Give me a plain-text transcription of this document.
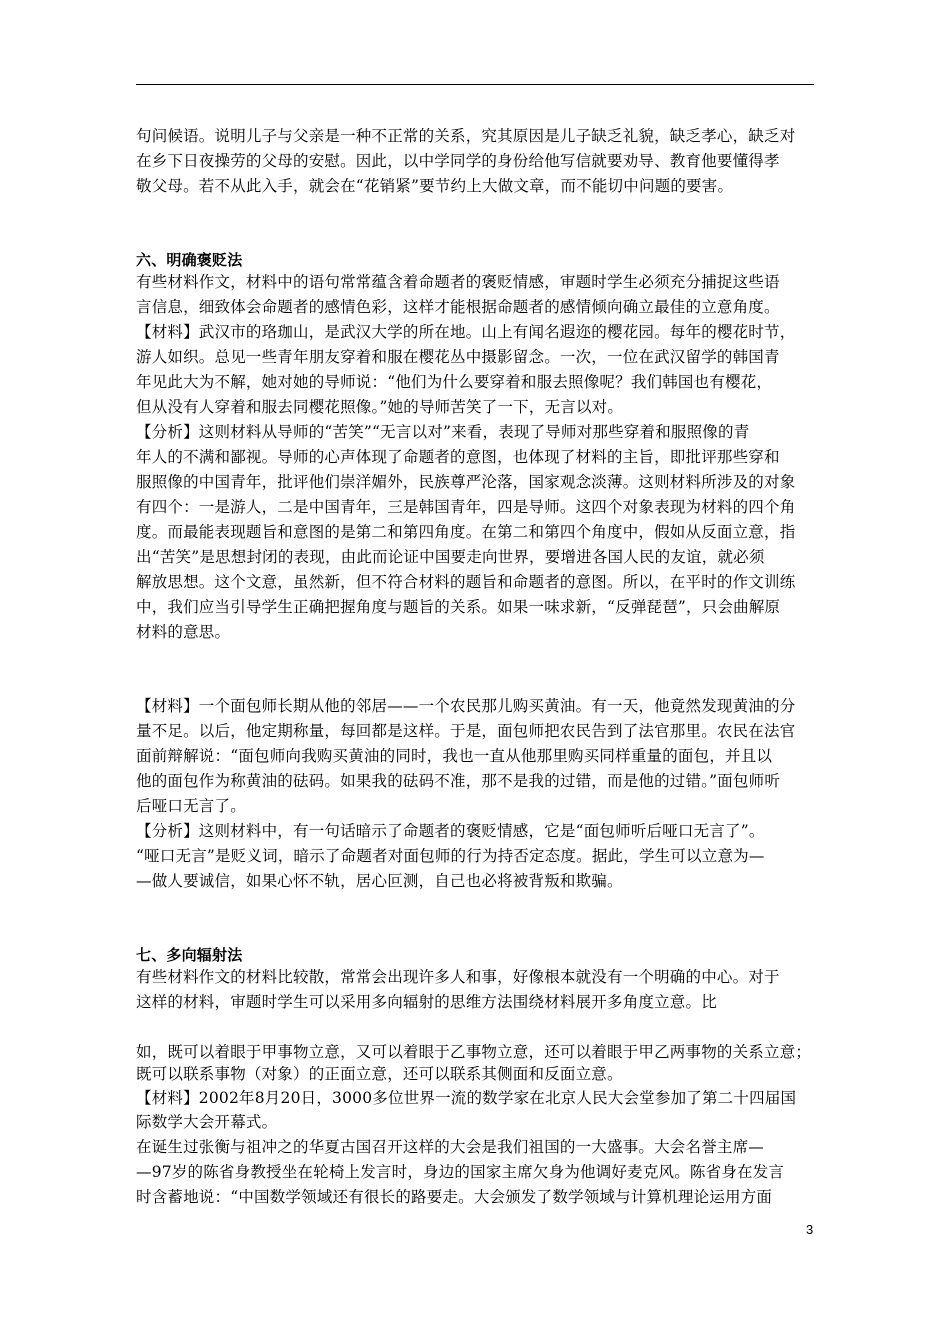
句问候语。说明儿子与父亲是一种不正常的关系，究其原因是儿子缺乏礼貌，缺乏孝心，缺乏对
在乡下日夜操劳的父母的安慰。因此，以中学同学的身份给他写信就要劝导、教育他要懂得孝
敬父母。若不从此入手，就会在“花销紧”要节约上大做文章，而不能切中问题的要害。
六、明确褒贬法
有些材料作文，材料中的语句常常蕴含着命题者的褒贬情感，审题时学生必须充分捕捉这些语
言信息，细致体会命题者的感情色彩，这样才能根据命题者的感情倾向确立最佳的立意角度。
【材料】武汉市的珞珈山，是武汉大学的所在地。山上有闻名遐迩的樱花园。每年的樱花时节，
游人如织。总见一些青年朋友穿着和服在樱花丛中摄影留念。一次，一位在武汉留学的韩国青
年见此大为不解，她对她的导师说：“他们为什么要穿着和服去照像呢？我们韩国也有樱花，
但从没有人穿着和服去同樱花照像。”她的导师苦笑了一下，无言以对。
【分析】这则材料从导师的“苦笑”“无言以对”来看，表现了导师对那些穿着和服照像的青
年人的不满和鄙视。导师的心声体现了命题者的意图，也体现了材料的主旨，即批评那些穿和
服照像的中国青年，批评他们崇洋媚外，民族尊严沦落，国家观念淡薄。这则材料所涉及的对象
有四个：一是游人，二是中国青年，三是韩国青年，四是导师。这四个对象表现为材料的四个角
度。而最能表现题旨和意图的是第二和第四角度。在第二和第四个角度中，假如从反面立意，指
出“苦笑”是思想封闭的表现，由此而论证中国要走向世界，要增进各国人民的友谊，就必须
解放思想。这个文意，虽然新，但不符合材料的题旨和命题者的意图。所以，在平时的作文训练
中，我们应当引导学生正确把握角度与题旨的关系。如果一味求新，“反弹琵琶”，只会曲解原
材料的意思。
【材料】一个面包师长期从他的邻居——一个农民那儿购买黄油。有一天，他竟然发现黄油的分
量不足。以后，他定期称量，每回都是这样。于是，面包师把农民告到了法官那里。农民在法官
面前辩解说：“面包师向我购买黄油的同时，我也一直从他那里购买同样重量的面包，并且以
他的面包作为称黄油的砝码。如果我的砝码不准，那不是我的过错，而是他的过错。”面包师听
后哑口无言了。
【分析】这则材料中，有一句话暗示了命题者的褒贬情感，它是“面包师听后哑口无言了”。
“哑口无言”是贬义词，暗示了命题者对面包师的行为持否定态度。据此，学生可以立意为—
—做人要诚信，如果心怀不轨，居心叵测，自己也必将被背叛和欺骗。
七、多向辐射法
有些材料作文的材料比较散，常常会出现许多人和事，好像根本就没有一个明确的中心。对于
这样的材料，审题时学生可以采用多向辐射的思维方法围绕材料展开多角度立意。比
如，既可以着眼于甲事物立意，又可以着眼于乙事物立意，还可以着眼于甲乙两事物的关系立意；
既可以联系事物（对象）的正面立意，还可以联系其侧面和反面立意。
【材料】2002年8月20日，3000多位世界一流的数学家在北京人民大会堂参加了第二十四届国
际数学大会开幕式。
在诞生过张衡与祖冲之的华夏古国召开这样的大会是我们祖国的一大盛事。大会名誉主席—
—97岁的陈省身教授坐在轮椅上发言时，身边的国家主席欠身为他调好麦克风。陈省身在发言
时含蓄地说：“中国数学领域还有很长的路要走。大会颁发了数学领域与计算机理论运用方面
3
